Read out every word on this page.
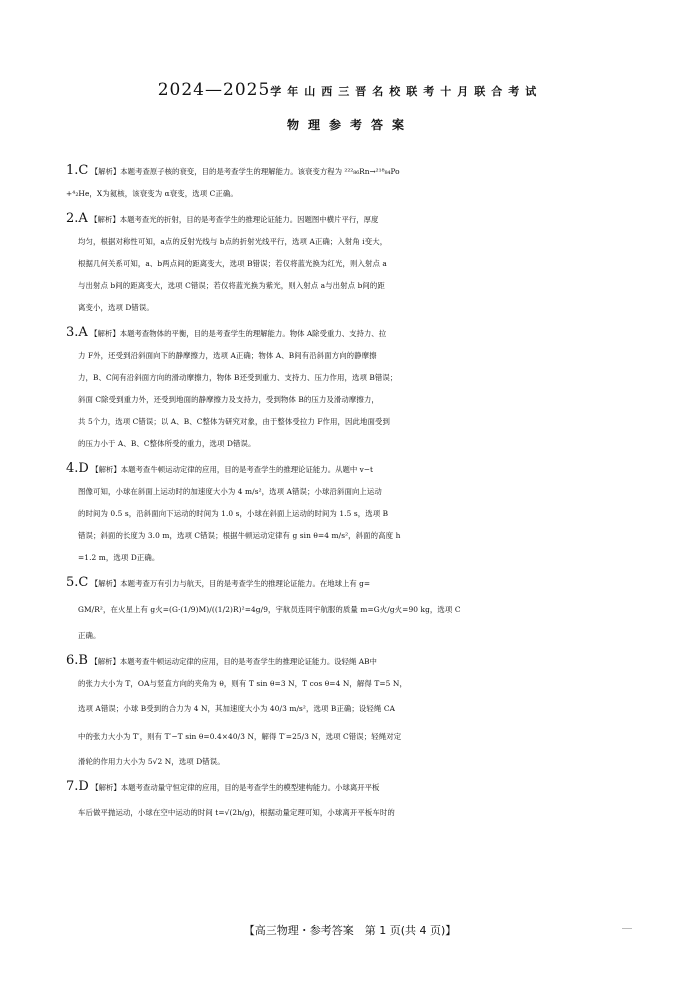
2024—2025学年山西三晋名校联考十月联合考试
物理参考答案
1.C 【解析】本题考查原子核的衰变，目的是考查学生的理解能力。该衰变方程为 ²²²₈₆Rn→²¹⁸₈₄Po
+⁴₂He，X为氦核，该衰变为 α衰变，选项 C正确。
2.A 【解析】本题考查光的折射，目的是考查学生的推理论证能力。因题图中横片平行，厚度
均匀，根据对称性可知，a点的反射光线与 b点的折射光线平行，选项 A正确；入射角 i变大，
根据几何关系可知，a、b两点间的距离变大，选项 B错误；若仅将蓝光换为红光，则入射点 a
与出射点 b间的距离变大，选项 C错误；若仅将蓝光换为紫光，则入射点 a与出射点 b间的距
离变小，选项 D错误。
3.A 【解析】本题考查物体的平衡，目的是考查学生的理解能力。物体 A除受重力、支持力、拉
力 F外，还受到沿斜面向下的静摩擦力，选项 A正确；物体 A、B间有沿斜面方向的静摩擦
力，B、C间有沿斜面方向的滑动摩擦力，物体 B还受到重力、支持力、压力作用，选项 B错误；
斜面 C除受到重力外，还受到地面的静摩擦力及支持力，受到物体 B的压力及滑动摩擦力，
共 5个力，选项 C错误；以 A、B、C整体为研究对象，由于整体受拉力 F作用，因此地面受到
的压力小于 A、B、C整体所受的重力，选项 D错误。
4.D 【解析】本题考查牛顿运动定律的应用，目的是考查学生的推理论证能力。从题中 v−t
图像可知，小球在斜面上运动时的加速度大小为 4 m/s²，选项 A错误；小球沿斜面向上运动
的时间为 0.5 s，沿斜面向下运动的时间为 1.0 s，小球在斜面上运动的时间为 1.5 s，选项 B
错误；斜面的长度为 3.0 m，选项 C错误；根据牛顿运动定律有 g sin θ=4 m/s²，斜面的高度 h
=1.2 m，选项 D正确。
5.C 【解析】本题考查万有引力与航天，目的是考查学生的推理论证能力。在地球上有 g=
GM/R²，在火星上有 g火=(G·(1/9)M)/((1/2)R)²=4g/9，宇航员连同宇航服的质量 m=G火/g火=90 kg，选项 C
正确。
6.B 【解析】本题考查牛顿运动定律的应用，目的是考查学生的推理论证能力。设轻绳 AB中
的张力大小为 T，OA与竖直方向的夹角为 θ，则有 T sin θ=3 N，T cos θ=4 N，解得 T=5 N，
选项 A错误；小球 B受到的合力为 4 N，其加速度大小为 40/3 m/s²，选项 B正确；设轻绳 CA
中的张力大小为 T′，则有 T′−T sin θ=0.4×40/3 N，解得 T′=25/3 N，选项 C错误；轻绳对定
滑轮的作用力大小为 5√2 N，选项 D错误。
7.D 【解析】本题考查动量守恒定律的应用，目的是考查学生的模型建构能力。小球离开平板
车后做平抛运动，小球在空中运动的时间 t=√(2h/g)，根据动量定理可知，小球离开平板车时的
【高三物理・参考答案　第 1 页(共 4 页)】
